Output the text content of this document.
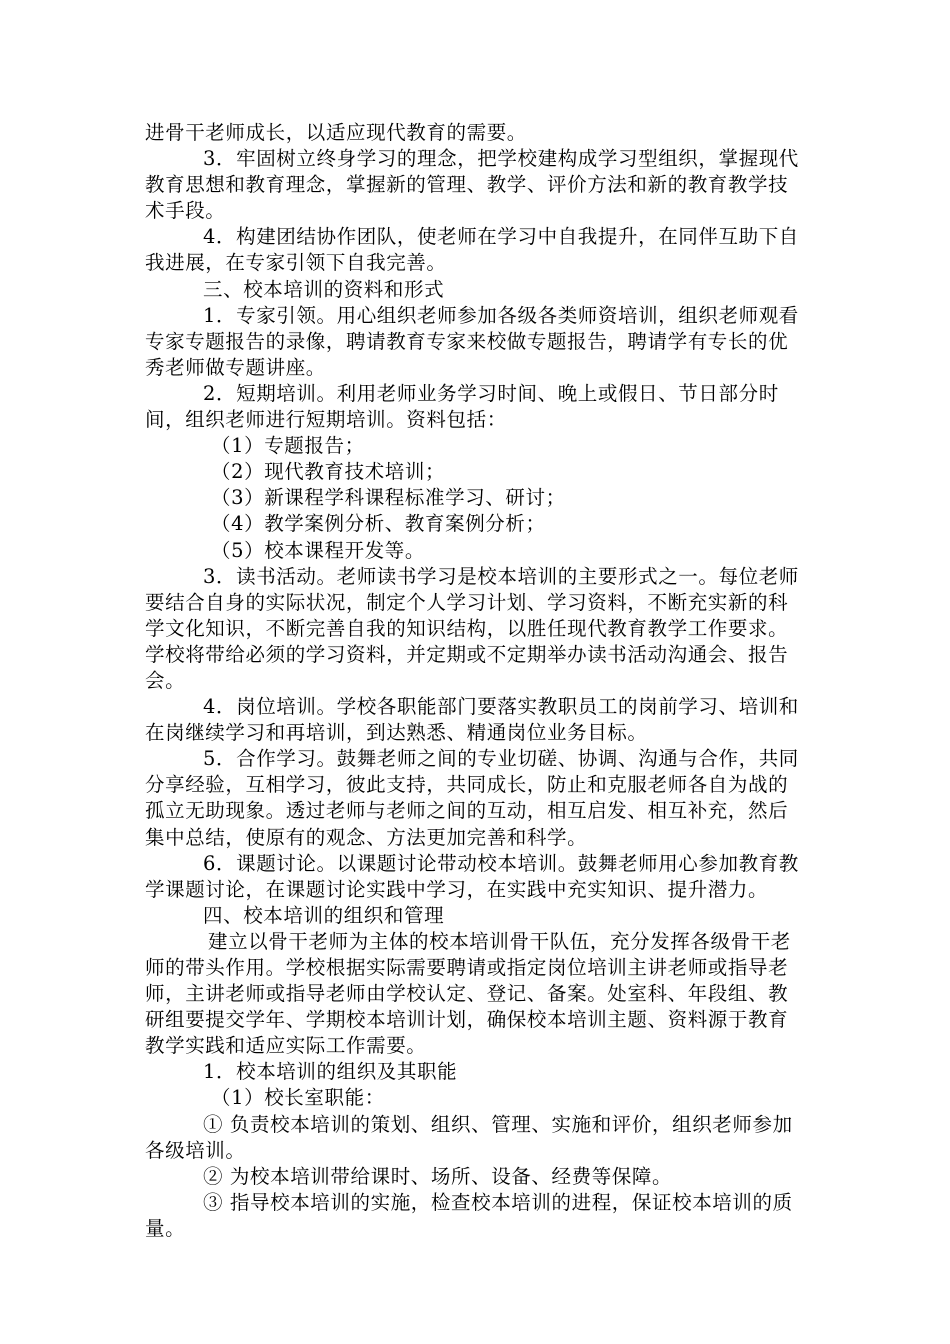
进骨干老师成长，以适应现代教育的需要。

3．牢固树立终身学习的理念，把学校建构成学习型组织，掌握现代教育思想和教育理念，掌握新的管理、教学、评价方法和新的教育教学技术手段。

4．构建团结协作团队，使老师在学习中自我提升，在同伴互助下自我进展，在专家引领下自我完善。

三、校本培训的资料和形式

1．专家引领。用心组织老师参加各级各类师资培训，组织老师观看专家专题报告的录像，聘请教育专家来校做专题报告，聘请学有专长的优秀老师做专题讲座。

2．短期培训。利用老师业务学习时间、晚上或假日、节日部分时间，组织老师进行短期培训。资料包括：

（1）专题报告；

（2）现代教育技术培训；

（3）新课程学科课程标准学习、研讨；

（4）教学案例分析、教育案例分析；

（5）校本课程开发等。

3．读书活动。老师读书学习是校本培训的主要形式之一。每位老师要结合自身的实际状况，制定个人学习计划、学习资料，不断充实新的科学文化知识，不断完善自我的知识结构，以胜任现代教育教学工作要求。学校将带给必须的学习资料，并定期或不定期举办读书活动沟通会、报告会。

4．岗位培训。学校各职能部门要落实教职员工的岗前学习、培训和在岗继续学习和再培训，到达熟悉、精通岗位业务目标。

5．合作学习。鼓舞老师之间的专业切磋、协调、沟通与合作，共同分享经验，互相学习，彼此支持，共同成长，防止和克服老师各自为战的孤立无助现象。透过老师与老师之间的互动，相互启发、相互补充，然后集中总结，使原有的观念、方法更加完善和科学。

6．课题讨论。以课题讨论带动校本培训。鼓舞老师用心参加教育教学课题讨论，在课题讨论实践中学习，在实践中充实知识、提升潜力。

四、校本培训的组织和管理

建立以骨干老师为主体的校本培训骨干队伍，充分发挥各级骨干老师的带头作用。学校根据实际需要聘请或指定岗位培训主讲老师或指导老师，主讲老师或指导老师由学校认定、登记、备案。处室科、年段组、教研组要提交学年、学期校本培训计划，确保校本培训主题、资料源于教育教学实践和适应实际工作需要。

1．校本培训的组织及其职能

（1）校长室职能：

① 负责校本培训的策划、组织、管理、实施和评价，组织老师参加各级培训。

② 为校本培训带给课时、场所、设备、经费等保障。

③ 指导校本培训的实施，检查校本培训的进程，保证校本培训的质量。
